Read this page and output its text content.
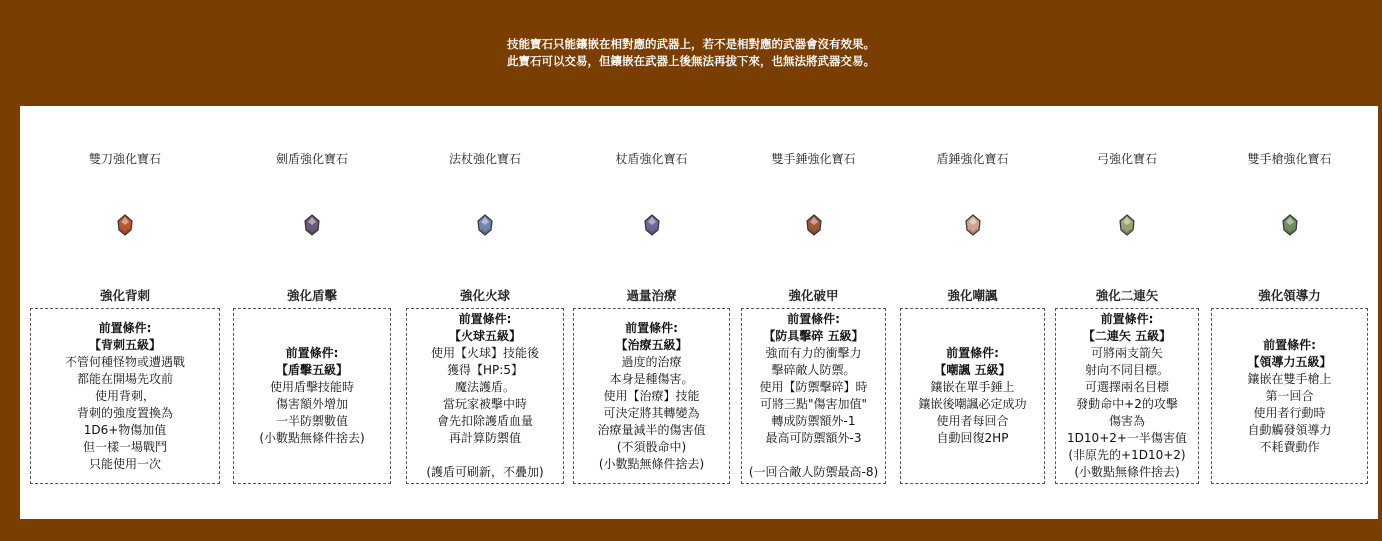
技能寶石只能鑲嵌在相對應的武器上，若不是相對應的武器會沒有效果。
此寶石可以交易，但鑲嵌在武器上後無法再拔下來，也無法將武器交易。
雙刀強化寶石
強化背刺
前置條件:
【背刺五級】
不管何種怪物或遭遇戰
都能在開場先攻前
使用背刺，
背刺的強度置換為
1D6+物傷加值
但一樣一場戰鬥
只能使用一次
劍盾強化寶石
強化盾擊
前置條件:
【盾擊五級】
使用盾擊技能時
傷害額外增加
一半防禦數值
(小數點無條件捨去)
法杖強化寶石
強化火球
前置條件:
【火球五級】
使用【火球】技能後
獲得【HP:5】
魔法護盾。
當玩家被擊中時
會先扣除護盾血量
再計算防禦值

(護盾可刷新，不疊加)
杖盾強化寶石
過量治療
前置條件:
【治療五級】
過度的治療
本身是種傷害。
使用【治療】技能
可決定將其轉變為
治療量減半的傷害值
(不須骰命中)
(小數點無條件捨去)
雙手錘強化寶石
強化破甲
前置條件:
【防具擊碎 五級】
強而有力的衝擊力
擊碎敵人防禦。
使用【防禦擊碎】時
可將三點"傷害加值"
轉成防禦額外-1
最高可防禦額外-3

(一回合敵人防禦最高-8)
盾錘強化寶石
強化嘲諷
前置條件:
【嘲諷 五級】
鑲嵌在單手錘上
鑲嵌後嘲諷必定成功
使用者每回合
自動回復2HP
弓強化寶石
強化二連矢
前置條件:
【二連矢 五級】
可將兩支箭矢
射向不同目標。
可選擇兩名目標
發動命中+2的攻擊
傷害為
1D10+2+一半傷害值
(非原先的+1D10+2)
(小數點無條件捨去)
雙手槍強化寶石
強化領導力
前置條件:
【領導力五級】
鑲嵌在雙手槍上
第一回合
使用者行動時
自動觸發領導力
不耗費動作
